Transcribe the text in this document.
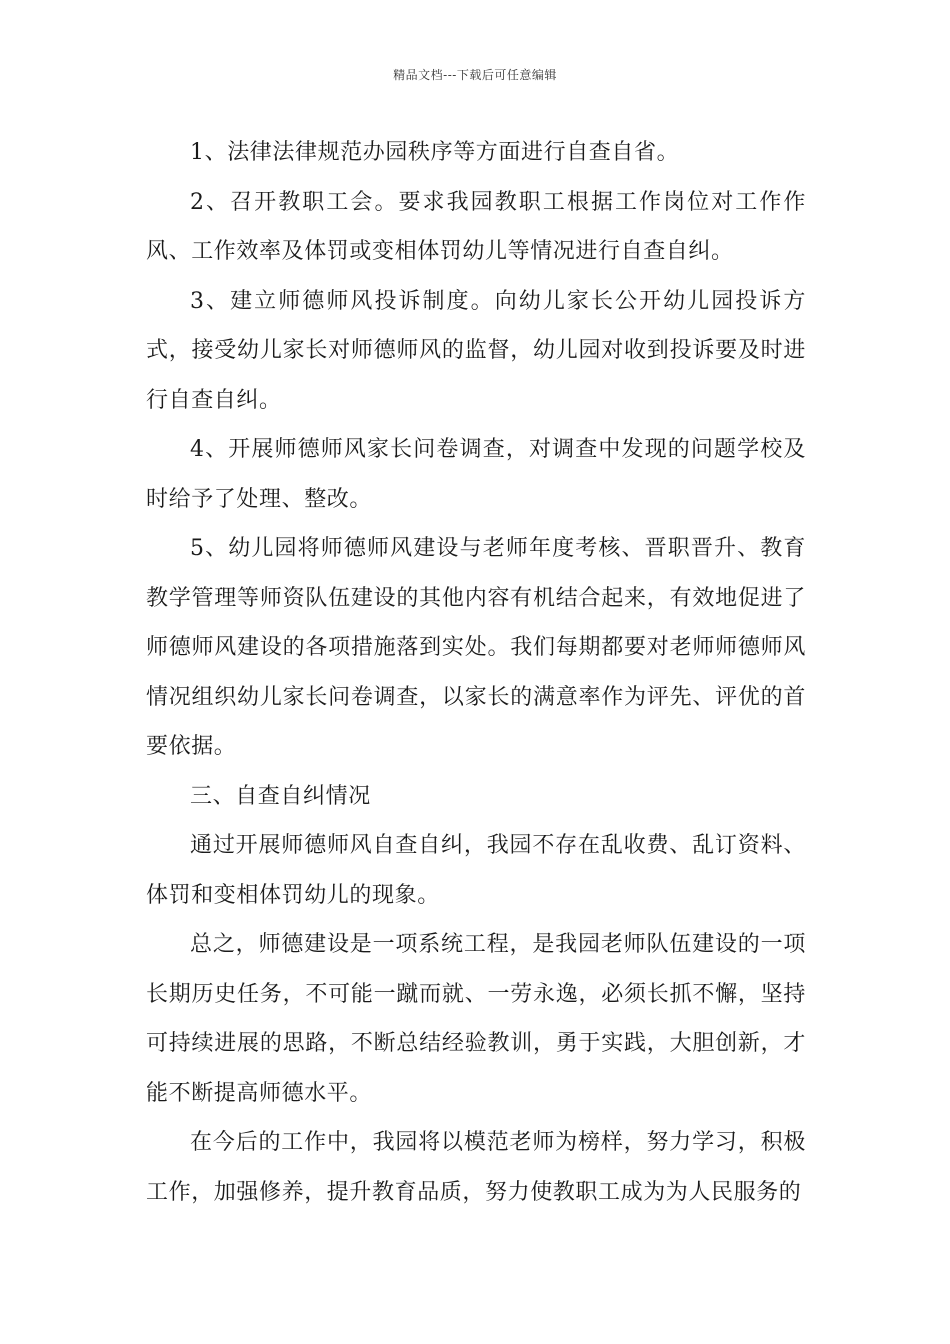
精品文档---下载后可任意编辑

1、法律法律规范办园秩序等方面进行自查自省。

2、召开教职工会。要求我园教职工根据工作岗位对工作作风、工作效率及体罚或变相体罚幼儿等情况进行自查自纠。

3、建立师德师风投诉制度。向幼儿家长公开幼儿园投诉方式，接受幼儿家长对师德师风的监督，幼儿园对收到投诉要及时进行自查自纠。

4、开展师德师风家长问卷调查，对调查中发现的问题学校及时给予了处理、整改。

5、幼儿园将师德师风建设与老师年度考核、晋职晋升、教育教学管理等师资队伍建设的其他内容有机结合起来，有效地促进了师德师风建设的各项措施落到实处。我们每期都要对老师师德师风情况组织幼儿家长问卷调查，以家长的满意率作为评先、评优的首要依据。

三、自查自纠情况

通过开展师德师风自查自纠，我园不存在乱收费、乱订资料、体罚和变相体罚幼儿的现象。

总之，师德建设是一项系统工程，是我园老师队伍建设的一项长期历史任务，不可能一蹴而就、一劳永逸，必须长抓不懈，坚持可持续进展的思路，不断总结经验教训，勇于实践，大胆创新，才能不断提高师德水平。

在今后的工作中，我园将以模范老师为榜样，努力学习，积极工作，加强修养，提升教育品质，努力使教职工成为为人民服务的
